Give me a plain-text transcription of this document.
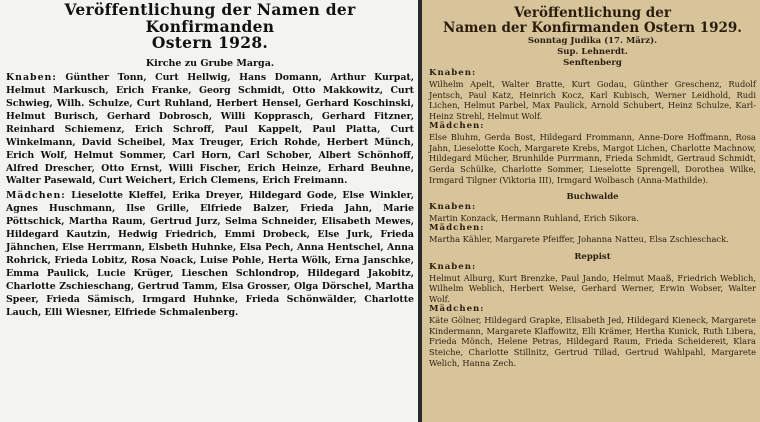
Veröffentlichung der Namen der Konfirmanden
Ostern 1928.
Kirche zu Grube Marga.
Knaben: Günther Tonn, Curt Hellwig, Hans Domann, Arthur Kurpat, Helmut Markusch, Erich Franke, Georg Schmidt, Otto Makkowitz, Curt Schwieg, Wilh. Schulze, Curt Ruhland, Herbert Hensel, Gerhard Koschinski, Helmut Burisch, Gerhard Dobrosch, Willi Kopprasch, Gerhard Fitzner, Reinhard Schiemenz, Erich Schroff, Paul Kappelt, Paul Platta, Curt Winkelmann, David Scheibel, Max Treuger, Erich Rohde, Herbert Münch, Erich Wolf, Helmut Sommer, Carl Horn, Carl Schober, Albert Schönhoff, Alfred Drescher, Otto Ernst, Willi Fischer, Erich Heinze, Erhard Beuhne, Walter Pasewald, Curt Weichert, Erich Clemens, Erich Freimann.
Mädchen: Lieselotte Kleffel, Erika Dreyer, Hildegard Gode, Else Winkler, Agnes Huschmann, Ilse Grille, Elfriede Balzer, Frieda Jahn, Marie Pöttschick, Martha Raum, Gertrud Jurz, Selma Schneider, Elisabeth Mewes, Hildegard Kautzin, Hedwig Friedrich, Emmi Drobeck, Else Jurk, Frieda Jähnchen, Else Herrmann, Elsbeth Huhnke, Elsa Pech, Anna Hentschel, Anna Rohrick, Frieda Lobitz, Rosa Noack, Luise Pohle, Herta Wölk, Erna Janschke, Emma Paulick, Lucie Krüger, Lieschen Schlondrop, Hildegard Jakobitz, Charlotte Zschieschang, Gertrud Tamm, Elsa Grosser, Olga Dörschel, Martha Speer, Frieda Sämisch, Irmgard Huhnke, Frieda Schönwälder, Charlotte Lauch, Elli Wiesner, Elfriede Schmalenberg.
Veröffentlichung der
Namen der Konfirmanden Ostern 1929.
Sonntag Judika (17. März).
Sup. Lehnerdt.
Senftenberg
Knaben:
Wilhelm Apelt, Walter Bratte, Kurt Godau, Günther Greschenz, Rudolf Jentsch, Paul Katz, Heinrich Kocz, Karl Kubisch, Werner Leidhold, Rudi Lichen, Helmut Parbel, Max Paulick, Arnold Schubert, Heinz Schulze, Karl-Heinz Strehl, Helmut Wolf.
Mädchen:
Else Bluhm, Gerda Bost, Hildegard Frommann, Anne-Dore Hoffmann, Rosa Jahn, Lieselotte Koch, Margarete Krebs, Margot Lichen, Charlotte Machnow, Hildegard Mücher, Brunhilde Purrmann, Frieda Schmidt, Gertraud Schmidt, Gerda Schülke, Charlotte Sommer, Lieselotte Sprengell, Dorothea Wilke, Irmgard Tilgner (Viktoria III), Irmgard Wolbasch (Anna-Mathilde).
Buchwalde
Knaben:
Martin Konzack, Hermann Ruhland, Erich Sikora.
Mädchen:
Martha Kähler, Margarete Pfeiffer, Johanna Natteu, Elsa Zschieschack.
Reppist
Knaben:
Helmut Alburg, Kurt Brenzke, Paul Jando, Helmut Maaß, Friedrich Weblich, Wilhelm Weblich, Herbert Weise, Gerhard Werner, Erwin Wobser, Walter Wolf.
Mädchen:
Käte Gölner, Hildegard Grapke, Elisabeth Jed, Hildegard Kieneck, Margarete Kindermann, Margarete Klaffowitz, Elli Krämer, Hertha Kunick, Ruth Libera, Frieda Mönch, Helene Petras, Hildegard Raum, Frieda Scheidereit, Klara Steiche, Charlotte Stillnitz, Gertrud Tillad, Gertrud Wahlpahl, Margarete Welich, Hanna Zech.
